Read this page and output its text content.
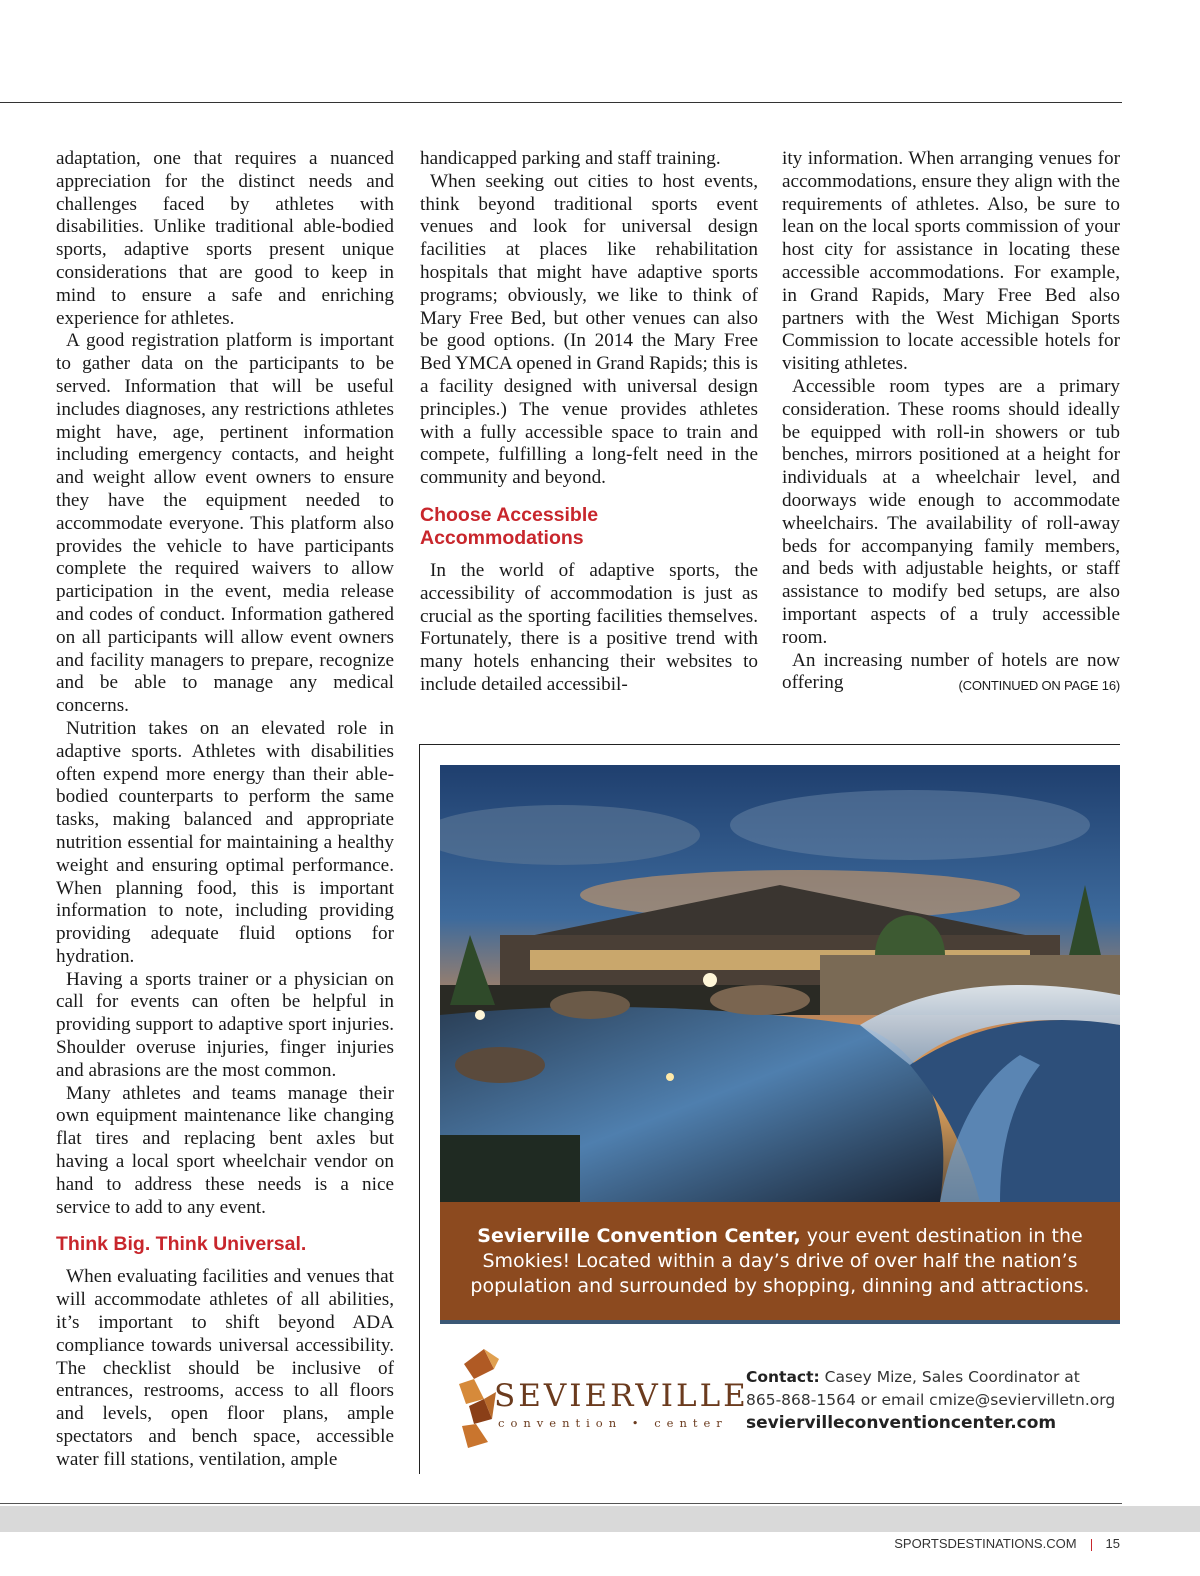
adaptation, one that requires a nuanced appreciation for the distinct needs and challenges faced by athletes with disabilities. Unlike traditional able-bodied sports, adaptive sports present unique considerations that are good to keep in mind to ensure a safe and enriching experience for athletes.

A good registration platform is important to gather data on the participants to be served. Information that will be useful includes diagnoses, any restrictions athletes might have, age, pertinent information including emergency contacts, and height and weight allow event owners to ensure they have the equipment needed to accommodate everyone. This platform also provides the vehicle to have participants complete the required waivers to allow participation in the event, media release and codes of conduct. Information gathered on all participants will allow event owners and facility managers to prepare, recognize and be able to manage any medical concerns.

Nutrition takes on an elevated role in adaptive sports. Athletes with disabilities often expend more energy than their able-bodied counterparts to perform the same tasks, making balanced and appropriate nutrition essential for maintaining a healthy weight and ensuring optimal performance. When planning food, this is important information to note, including providing providing adequate fluid options for hydration.

Having a sports trainer or a physician on call for events can often be helpful in providing support to adaptive sport injuries. Shoulder overuse injuries, finger injuries and abrasions are the most common.

Many athletes and teams manage their own equipment maintenance like changing flat tires and replacing bent axles but having a local sport wheelchair vendor on hand to address these needs is a nice service to add to any event.

Think Big. Think Universal.

When evaluating facilities and venues that will accommodate athletes of all abilities, it’s important to shift beyond ADA compliance towards universal accessibility. The checklist should be inclusive of entrances, restrooms, access to all floors and levels, open floor plans, ample spectators and bench space, accessible water fill stations, ventilation, ample

handicapped parking and staff training.

When seeking out cities to host events, think beyond traditional sports event venues and look for universal design facilities at places like rehabilitation hospitals that might have adaptive sports programs; obviously, we like to think of Mary Free Bed, but other venues can also be good options. (In 2014 the Mary Free Bed YMCA opened in Grand Rapids; this is a facility designed with universal design principles.) The venue provides athletes with a fully accessible space to train and compete, fulfilling a long-felt need in the community and beyond.

Choose Accessible Accommodations

In the world of adaptive sports, the accessibility of accommodation is just as crucial as the sporting facilities themselves. Fortunately, there is a positive trend with many hotels enhancing their websites to include detailed accessibil-

ity information. When arranging venues for accommodations, ensure they align with the requirements of athletes. Also, be sure to lean on the local sports commission of your host city for assistance in locating these accessible accommodations. For example, in Grand Rapids, Mary Free Bed also partners with the West Michigan Sports Commission to locate accessible hotels for visiting athletes.

Accessible room types are a primary consideration. These rooms should ideally be equipped with roll-in showers or tub benches, mirrors positioned at a height for individuals at a wheelchair level, and doorways wide enough to accommodate wheelchairs. The availability of roll-away beds for accompanying family members, and beds with adjustable heights, or staff assistance to modify bed setups, are also important aspects of a truly accessible room.

An increasing number of hotels are now offering	(CONTINUED ON PAGE 16)

Sevierville Convention Center, your event destination in the Smokies! Located within a day’s drive of over half the nation’s population and surrounded by shopping, dinning and attractions.
SEVIERVILLE
convention • center
Contact: Casey Mize, Sales Coordinator at
865-868-1564 or email cmize@seviervilletn.org
seviervilleconventioncenter.com
SPORTSDESTINATIONS.COM 15
